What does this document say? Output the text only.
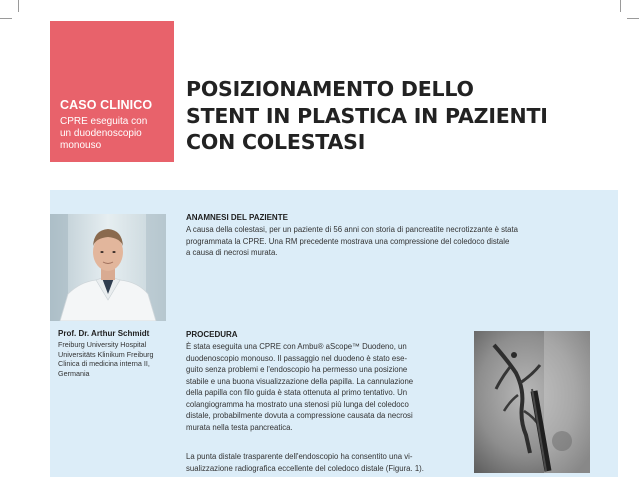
CASO CLINICO
CPRE eseguita con
un duodenoscopio
monouso
POSIZIONAMENTO DELLO
STENT IN PLASTICA IN PAZIENTI
CON COLESTASI
Prof. Dr. Arthur Schmidt
Freiburg University Hospital
Universitäts Klinikum Freiburg
Clinica di medicina interna II,
Germania
ANAMNESI DEL PAZIENTE
A causa della colestasi, per un paziente di 56 anni con storia di pancreatite necrotizzante è stata
programmata la CPRE. Una RM precedente mostrava una compressione del coledoco distale
a causa di necrosi murata.
PROCEDURA
È stata eseguita una CPRE con Ambu® aScope™ Duodeno, un
duodenoscopio monouso. Il passaggio nel duodeno è stato ese-
guito senza problemi e l'endoscopio ha permesso una posizione
stabile e una buona visualizzazione della papilla. La cannulazione
della papilla con filo guida è stata ottenuta al primo tentativo. Un
colangiogramma ha mostrato una stenosi più lunga del coledoco
distale, probabilmente dovuta a compressione causata da necrosi
murata nella testa pancreatica.
La punta distale trasparente dell'endoscopio ha consentito una vi-
sualizzazione radiografica eccellente del coledoco distale (Figura. 1).
